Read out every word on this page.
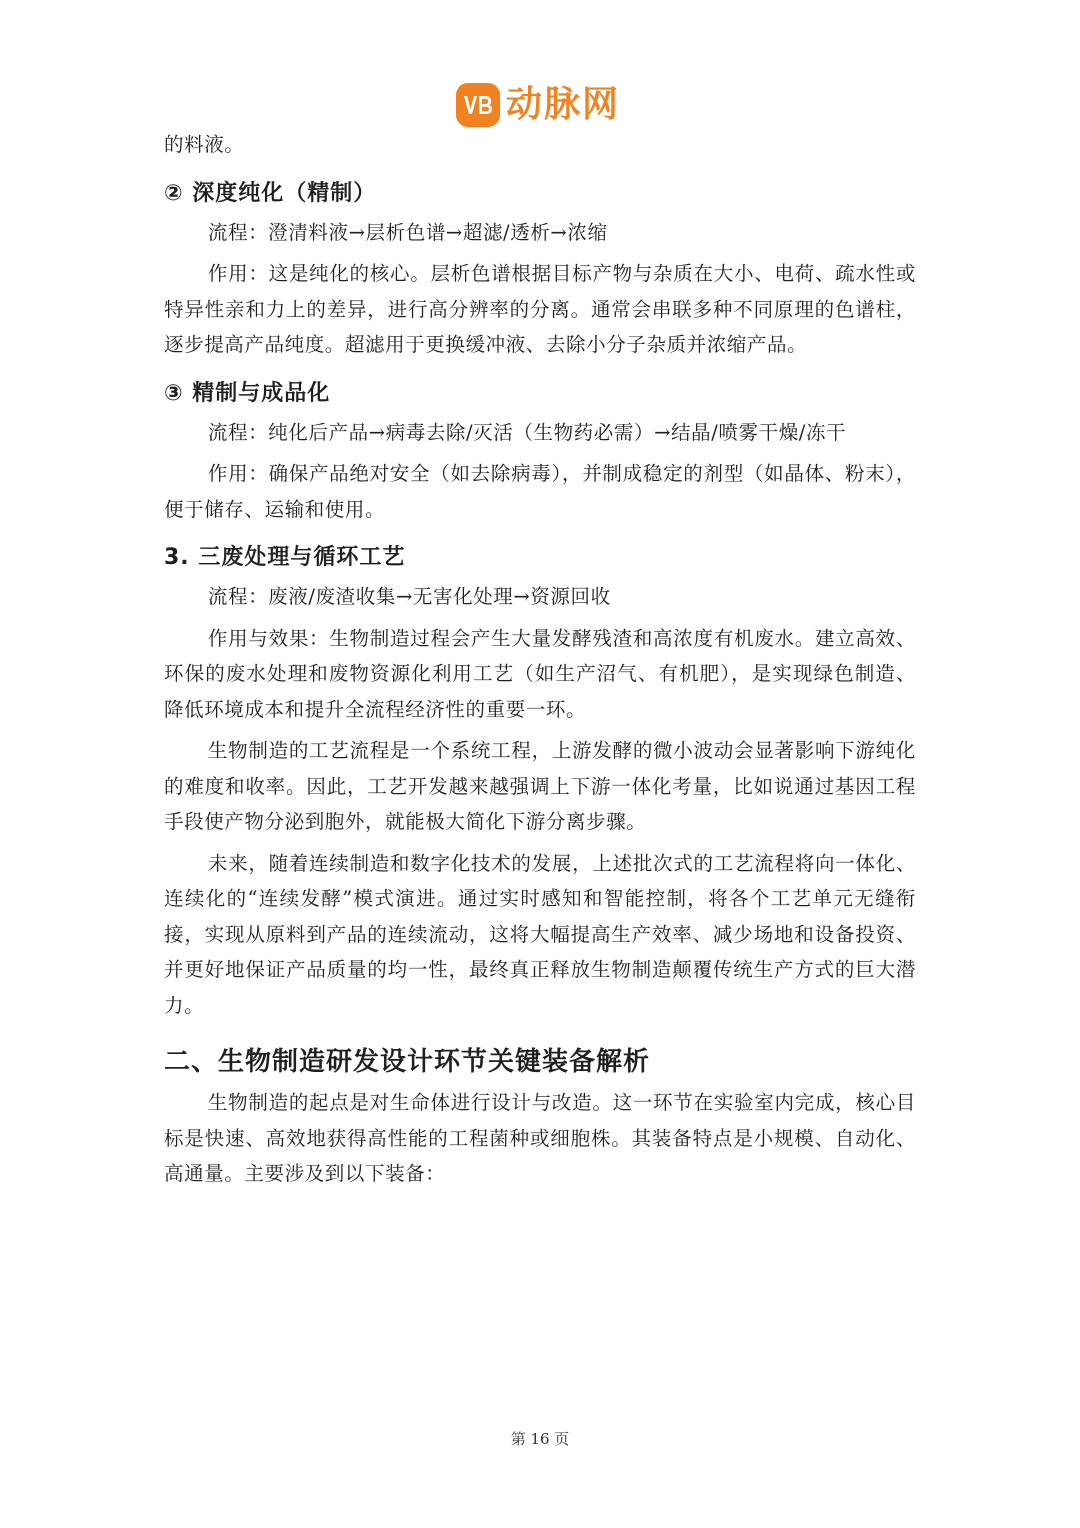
动脉网

的料液。

② 深度纯化（精制）

流程：澄清料液→层析色谱→超滤/透析→浓缩

作用：这是纯化的核心。层析色谱根据目标产物与杂质在大小、电荷、疏水性或特异性亲和力上的差异，进行高分辨率的分离。通常会串联多种不同原理的色谱柱，逐步提高产品纯度。超滤用于更换缓冲液、去除小分子杂质并浓缩产品。

③ 精制与成品化

流程：纯化后产品→病毒去除/灭活（生物药必需）→结晶/喷雾干燥/冻干

作用：确保产品绝对安全（如去除病毒），并制成稳定的剂型（如晶体、粉末），便于储存、运输和使用。

3. 三废处理与循环工艺

流程：废液/废渣收集→无害化处理→资源回收

作用与效果：生物制造过程会产生大量发酵残渣和高浓度有机废水。建立高效、环保的废水处理和废物资源化利用工艺（如生产沼气、有机肥），是实现绿色制造、降低环境成本和提升全流程经济性的重要一环。

生物制造的工艺流程是一个系统工程，上游发酵的微小波动会显著影响下游纯化的难度和收率。因此，工艺开发越来越强调上下游一体化考量，比如说通过基因工程手段使产物分泌到胞外，就能极大简化下游分离步骤。

未来，随着连续制造和数字化技术的发展，上述批次式的工艺流程将向一体化、连续化的“连续发酵”模式演进。通过实时感知和智能控制，将各个工艺单元无缝衔接，实现从原料到产品的连续流动，这将大幅提高生产效率、减少场地和设备投资、并更好地保证产品质量的均一性，最终真正释放生物制造颠覆传统生产方式的巨大潜力。

二、生物制造研发设计环节关键装备解析

生物制造的起点是对生命体进行设计与改造。这一环节在实验室内完成，核心目标是快速、高效地获得高性能的工程菌种或细胞株。其装备特点是小规模、自动化、高通量。主要涉及到以下装备：

第 16 页
